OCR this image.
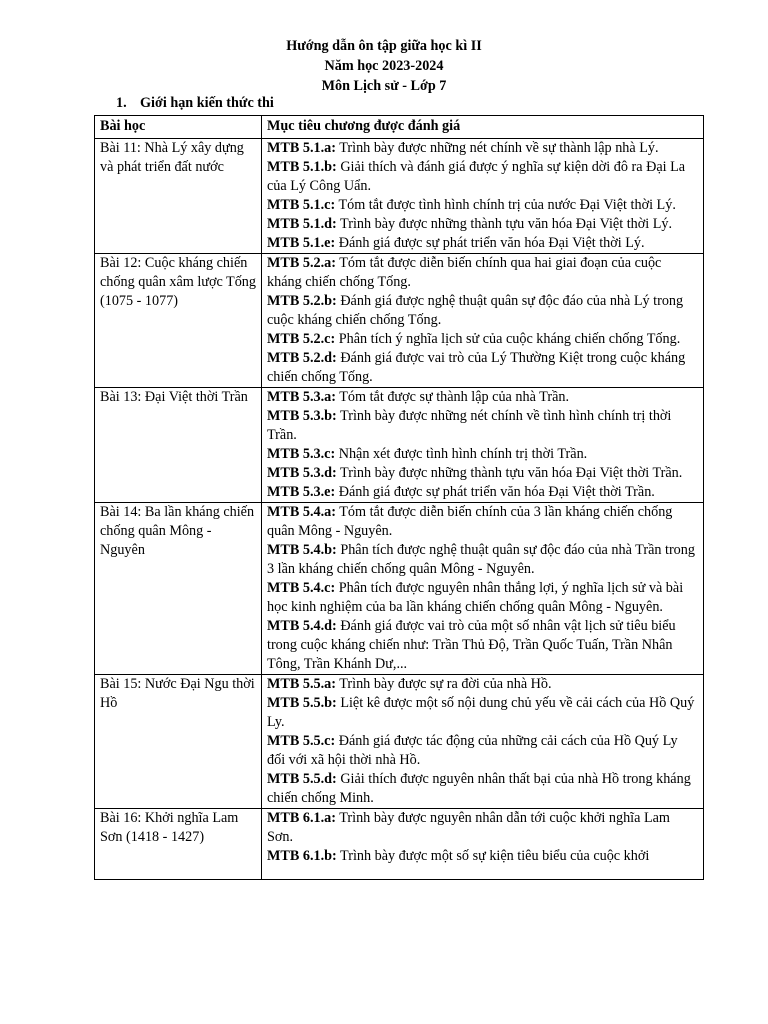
Hướng dẫn ôn tập giữa học kì II
Năm học 2023-2024
Môn Lịch sử - Lớp 7
1. Giới hạn kiến thức thi
Bài học	Mục tiêu chương được đánh giá
Bài 11: Nhà Lý xây dựng và phát triển đất nước	MTB 5.1.a: Trình bày được những nét chính về sự thành lập nhà Lý.

MTB 5.1.b: Giải thích và đánh giá được ý nghĩa sự kiện dời đô ra Đại La của Lý Công Uẩn.

MTB 5.1.c: Tóm tắt được tình hình chính trị của nước Đại Việt thời Lý.

MTB 5.1.d: Trình bày được những thành tựu văn hóa Đại Việt thời Lý.

MTB 5.1.e: Đánh giá được sự phát triển văn hóa Đại Việt thời Lý.

Bài 12: Cuộc kháng chiến chống quân xâm lược Tống (1075 - 1077)	MTB 5.2.a: Tóm tắt được diễn biến chính qua hai giai đoạn của cuộc kháng chiến chống Tống.

MTB 5.2.b: Đánh giá được nghệ thuật quân sự độc đáo của nhà Lý trong cuộc kháng chiến chống Tống.

MTB 5.2.c: Phân tích ý nghĩa lịch sử của cuộc kháng chiến chống Tống.

MTB 5.2.d: Đánh giá được vai trò của Lý Thường Kiệt trong cuộc kháng chiến chống Tống.

Bài 13: Đại Việt thời Trần	MTB 5.3.a: Tóm tắt được sự thành lập của nhà Trần.

MTB 5.3.b: Trình bày được những nét chính về tình hình chính trị thời Trần.

MTB 5.3.c: Nhận xét được tình hình chính trị thời Trần.

MTB 5.3.d: Trình bày được những thành tựu văn hóa Đại Việt thời Trần.

MTB 5.3.e: Đánh giá được sự phát triển văn hóa Đại Việt thời Trần.

Bài 14: Ba lần kháng chiến chống quân Mông - Nguyên	MTB 5.4.a: Tóm tắt được diễn biến chính của 3 lần kháng chiến chống quân Mông - Nguyên.

MTB 5.4.b: Phân tích được nghệ thuật quân sự độc đáo của nhà Trần trong 3 lần kháng chiến chống quân Mông - Nguyên.

MTB 5.4.c: Phân tích được nguyên nhân thắng lợi, ý nghĩa lịch sử và bài học kinh nghiệm của ba lần kháng chiến chống quân Mông - Nguyên.

MTB 5.4.d: Đánh giá được vai trò của một số nhân vật lịch sử tiêu biểu trong cuộc kháng chiến như: Trần Thủ Độ, Trần Quốc Tuấn, Trần Nhân Tông, Trần Khánh Dư,...

Bài 15: Nước Đại Ngu thời Hồ	MTB 5.5.a: Trình bày được sự ra đời của nhà Hồ.

MTB 5.5.b: Liệt kê được một số nội dung chủ yếu về cải cách của Hồ Quý Ly.

MTB 5.5.c: Đánh giá được tác động của những cải cách của Hồ Quý Ly đối với xã hội thời nhà Hồ.

MTB 5.5.d: Giải thích được nguyên nhân thất bại của nhà Hồ trong kháng chiến chống Minh.

Bài 16: Khởi nghĩa Lam Sơn (1418 - 1427)	MTB 6.1.a: Trình bày được nguyên nhân dẫn tới cuộc khởi nghĩa Lam Sơn.

MTB 6.1.b: Trình bày được một số sự kiện tiêu biểu của cuộc khởi
